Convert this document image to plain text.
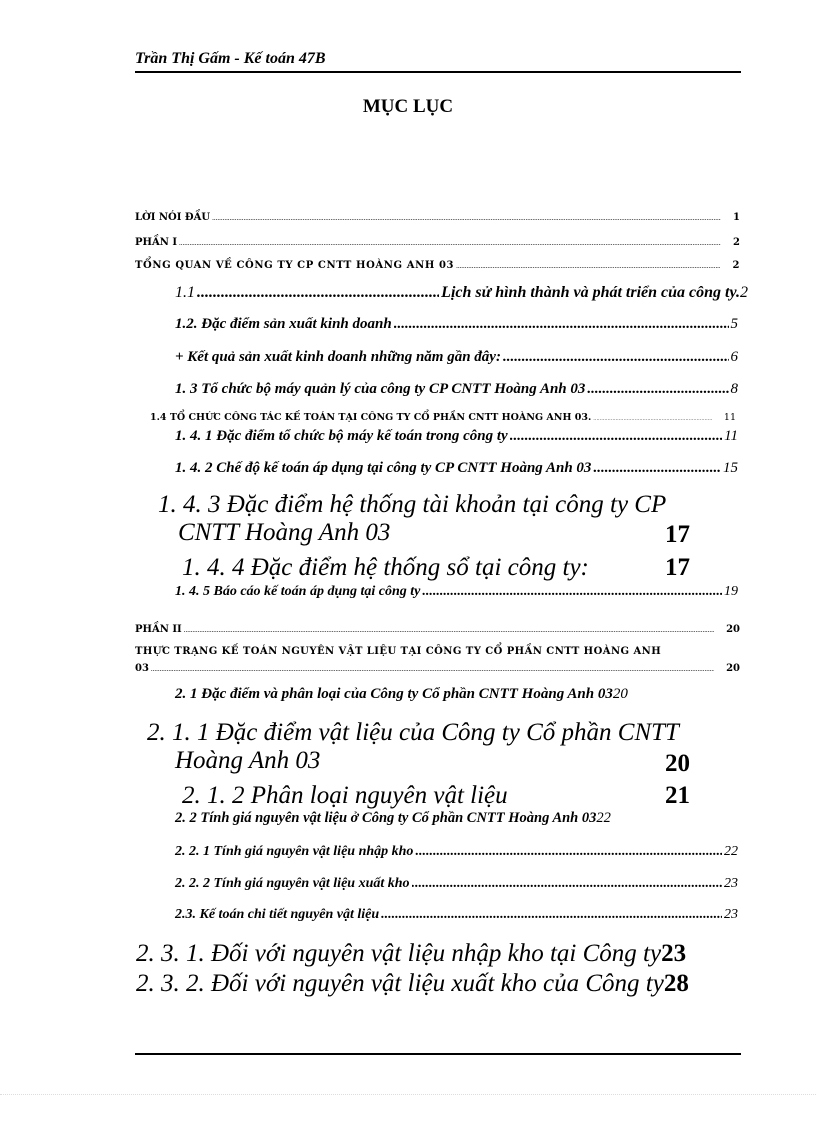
Trần Thị Gấm - Kế toán 47B
MỤC LỤC
LỜI NÓI ĐẦU .....	1
PHẦN I .....	2
TỔNG QUAN VỀ CÔNG TY CP CNTT HOÀNG ANH 03 .....	2
1.1 .....	Lịch sử hình thành và phát triển của công ty. 2
1.2. Đặc điểm sản xuất kinh doanh .....	5
+ Kết quả sản xuất kinh doanh những năm gần đây: .....	6
1. 3 Tổ chức bộ máy quản lý của công ty CP CNTT Hoàng Anh 03 .....	8
1.4 TỔ CHỨC CÔNG TÁC KẾ TOÁN TẠI CÔNG TY CỔ PHẦN CNTT HOÀNG ANH 03. .....	11
1. 4. 1 Đặc điểm tổ chức bộ máy kế toán trong công ty .....	11
1. 4. 2 Chế độ kế toán áp dụng tại công ty CP CNTT Hoàng Anh 03 .....	15
1. 4. 3 Đặc điểm hệ thống tài khoản tại công ty CP
CNTT Hoàng Anh 03	17
1. 4. 4 Đặc điểm hệ thống sổ tại công ty:	17
1. 4. 5 Báo cáo kế toán áp dụng tại công ty .....	19
PHẦN II .....	20
THỰC TRẠNG KẾ TOÁN NGUYÊN VẬT LIỆU TẠI CÔNG TY CỔ PHẦN CNTT HOÀNG ANH
03 .....	20
2. 1 Đặc điểm và phân loại của Công ty Cổ phần CNTT Hoàng Anh 03 20
2. 1. 1 Đặc điểm vật liệu của Công ty Cổ phần CNTT
Hoàng Anh 03	20
2. 1. 2 Phân loại nguyên vật liệu	21
2. 2 Tính giá nguyên vật liệu ở Công ty Cổ phần CNTT Hoàng Anh 03 22
2. 2. 1 Tính giá nguyên vật liệu nhập kho .....	22
2. 2. 2 Tính giá nguyên vật liệu xuất kho .....	23
2.3. Kế toán chi tiết nguyên vật liệu .....	23
2. 3. 1. Đối với nguyên vật liệu nhập kho tại Công ty 23
2. 3. 2. Đối với nguyên vật liệu xuất kho của Công ty 28
